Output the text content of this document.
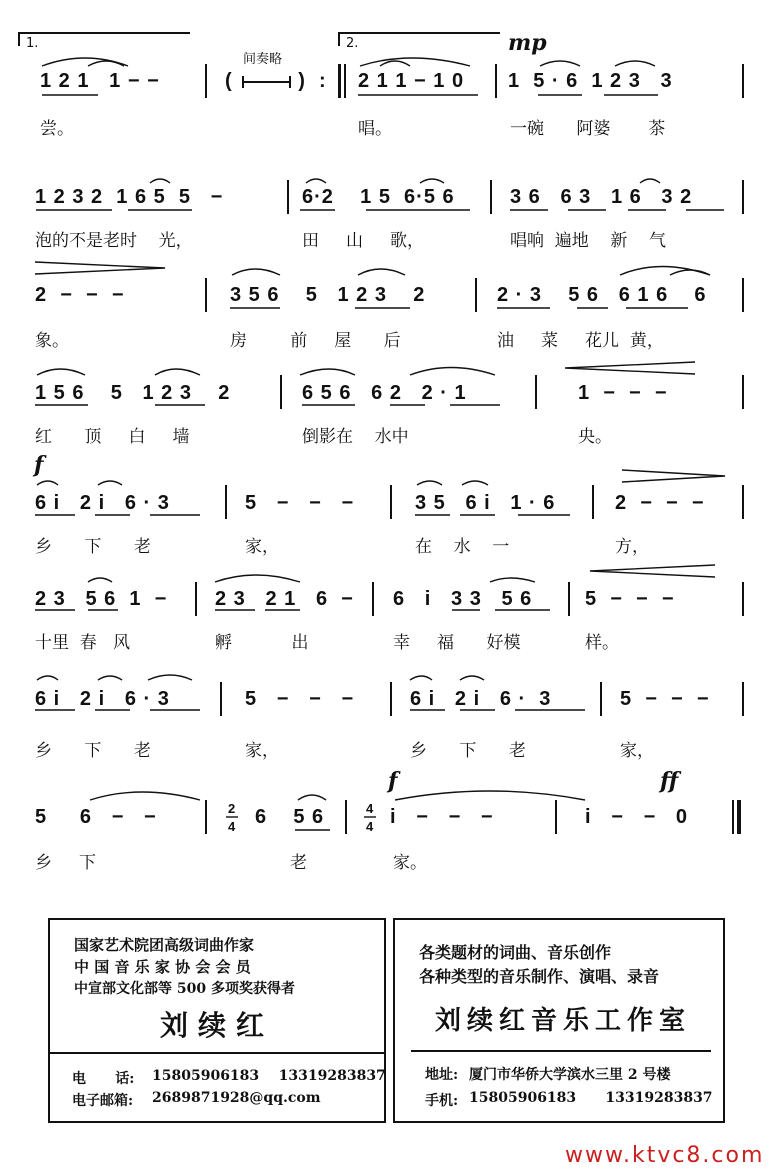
1.	2.
间奏略
mp
2
4
4
4
1 2 1   1 − −	(          )  : 2 1 1 − 1 0 1  5 · 6  1 2 3   3
尝。	唱。	一碗      阿婆       茶
1 2 3 2  1 6 5  5   −	6·2    1 5  6·5 6	3 6   6 3   1 6   3 2
泡的不是老时    光，	田     山     歌，	唱响  遍地    新    气
2  −  −  −	3 5 6    5   1 2 3    2	2 · 3    5 6   6 1 6    6
象。	房        前     屋      后	油     菜     花儿  黄，
1 5 6    5   1 2 3    2	6 5 6   6 2   2 · 1	1  −  −  −
红      顶     白     墙	倒影在    水中	央。
f
6 i   2 i   6 · 3	5   −   −   −	3 5   6 i   1 · 6	2  −  −  −
乡      下      老	家，	在    水    一	方，
2 3   5 6  1  − 2 3   2 1   6  − 6   i   3 3   5 6	5  −  −  −
十里  春   风	孵           出	幸     福      好模	样。
6 i   2 i   6 · 3	5   −   −   −	6 i   2 i   6 ·  3	5  −  −  −
乡      下      老	家，	乡      下      老	家，
f	ff
5     6   −   −	6    5 6	i   −   −   −	i   −   −   0
乡     下	老	家。
国家艺术院团高级词曲作家
中 国 音 乐 家 协 会 会 员
中宣部文化部等 500 多项奖获得者
刘续红
电      话: 15805906183    13319283837
电子邮箱: 2689871928@qq.com
各类题材的词曲、音乐创作
各种类型的音乐制作、演唱、录音
刘续红音乐工作室
地址: 厦门市华侨大学滨水三里 2 号楼
手机: 15805906183      13319283837
www.ktvc8.com
